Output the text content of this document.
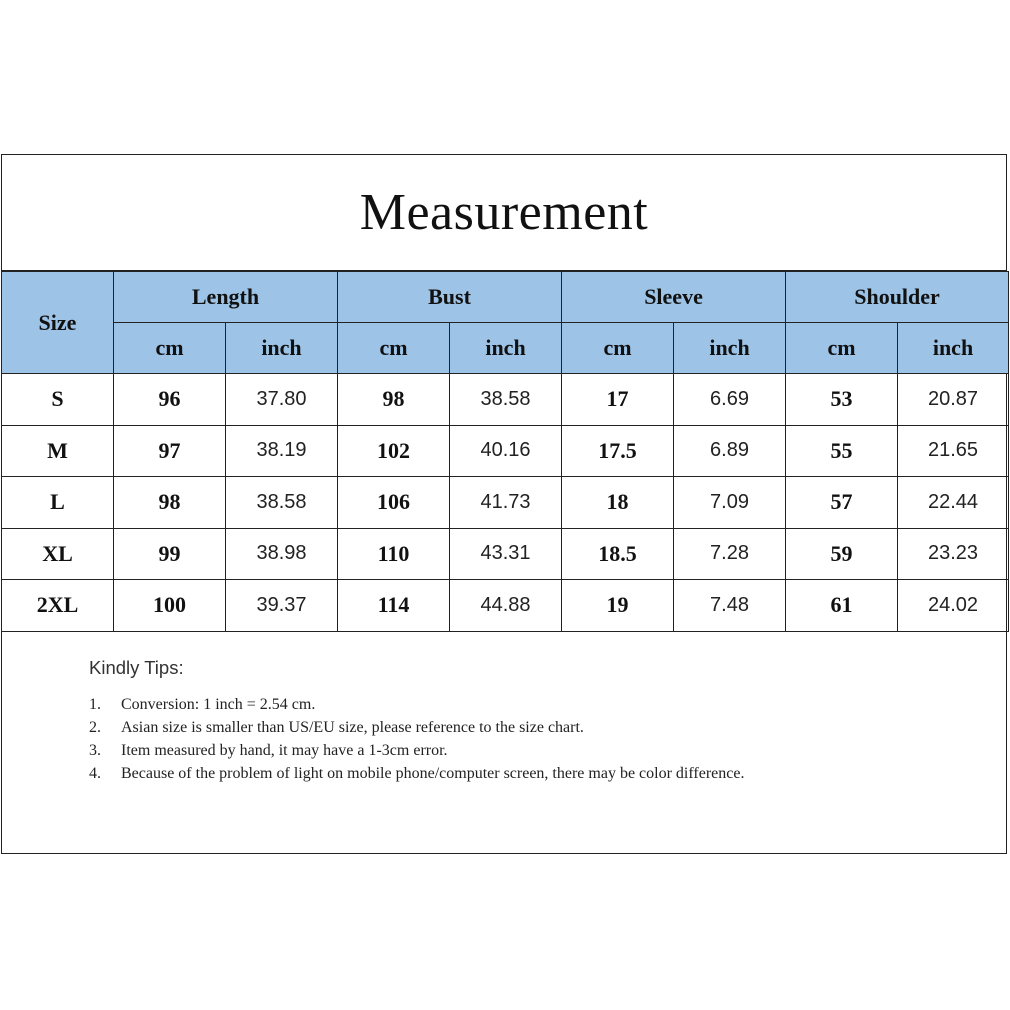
Measurement
Size	Length		Bust		Sleeve		Shoulder	
	cm	inch	cm	inch	cm	inch	cm	inch
S	96	37.80	98	38.58	17	6.69	53	20.87
M	97	38.19	102	40.16	17.5	6.89	55	21.65
L	98	38.58	106	41.73	18	7.09	57	22.44
XL	99	38.98	110	43.31	18.5	7.28	59	23.23
2XL	100	39.37	114	44.88	19	7.48	61	24.02
Kindly Tips:
1.	Conversion: 1 inch = 2.54 cm.
2.	Asian size is smaller than US/EU size, please reference to the size chart.
3.	Item measured by hand, it may have a 1-3cm error.
4.	Because of the problem of light on mobile phone/computer screen, there may be color difference.
